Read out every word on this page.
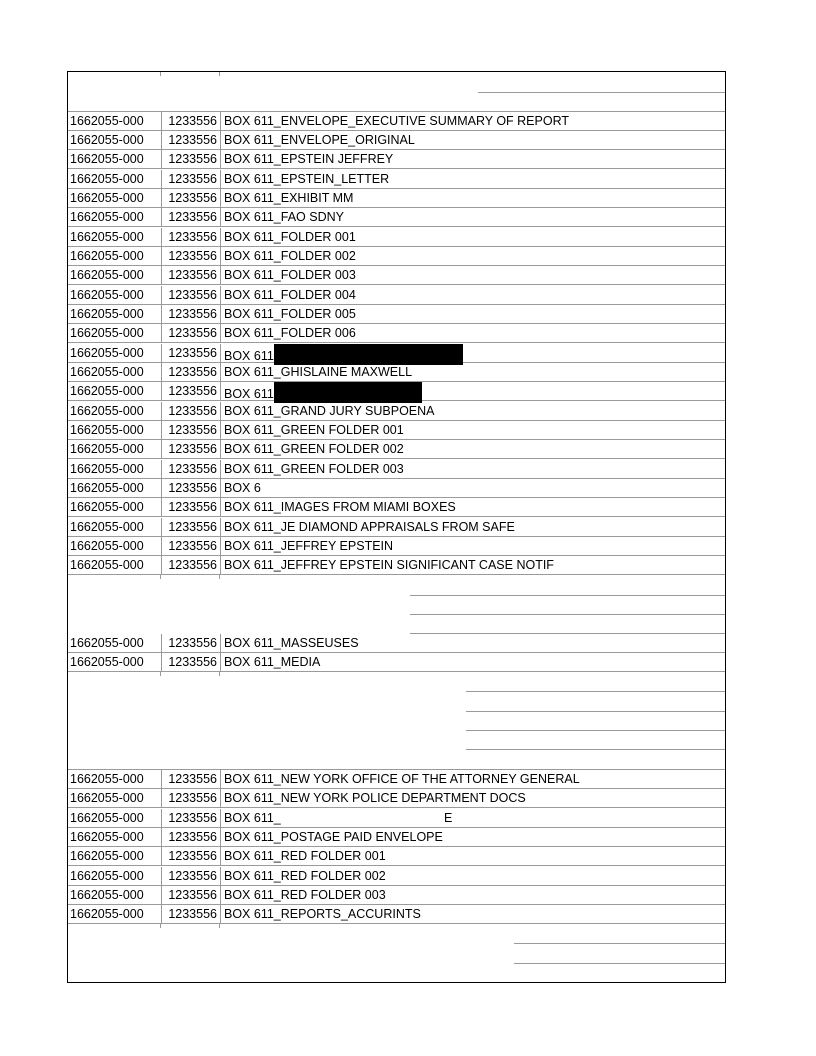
1662055-000	1233556 BOX 611_ENVELOPE_EXECUTIVE SUMMARY OF REPORT
1662055-000	1233556 BOX 611_ENVELOPE_ORIGINAL
1662055-000	1233556 BOX 611_EPSTEIN JEFFREY
1662055-000	1233556 BOX 611_EPSTEIN_LETTER
1662055-000	1233556 BOX 611_EXHIBIT MM
1662055-000	1233556 BOX 611_FAO SDNY
1662055-000	1233556 BOX 611_FOLDER 001
1662055-000	1233556 BOX 611_FOLDER 002
1662055-000	1233556 BOX 611_FOLDER 003
1662055-000	1233556 BOX 611_FOLDER 004
1662055-000	1233556 BOX 611_FOLDER 005
1662055-000	1233556 BOX 611_FOLDER 006
1662055-000	1233556 BOX 611
1662055-000	1233556 BOX 611_GHISLAINE MAXWELL
1662055-000	1233556 BOX 611
1662055-000	1233556 BOX 611_GRAND JURY SUBPOENA
1662055-000	1233556 BOX 611_GREEN FOLDER 001
1662055-000	1233556 BOX 611_GREEN FOLDER 002
1662055-000	1233556 BOX 611_GREEN FOLDER 003
1662055-000	1233556 BOX 6
1662055-000	1233556 BOX 611_IMAGES FROM MIAMI BOXES
1662055-000	1233556 BOX 611_JE DIAMOND APPRAISALS FROM SAFE
1662055-000	1233556 BOX 611_JEFFREY EPSTEIN
1662055-000	1233556 BOX 611_JEFFREY EPSTEIN SIGNIFICANT CASE NOTIF
1662055-000	1233556 BOX 611_MASSEUSES
1662055-000	1233556 BOX 611_MEDIA
1662055-000	1233556 BOX 611_NEW YORK OFFICE OF THE ATTORNEY GENERAL
1662055-000	1233556 BOX 611_NEW YORK POLICE DEPARTMENT DOCS
1662055-000	1233556 BOX 611_	E
1662055-000	1233556 BOX 611_POSTAGE PAID ENVELOPE
1662055-000	1233556 BOX 611_RED FOLDER 001
1662055-000	1233556 BOX 611_RED FOLDER 002
1662055-000	1233556 BOX 611_RED FOLDER 003
1662055-000	1233556 BOX 611_REPORTS_ACCURINTS
